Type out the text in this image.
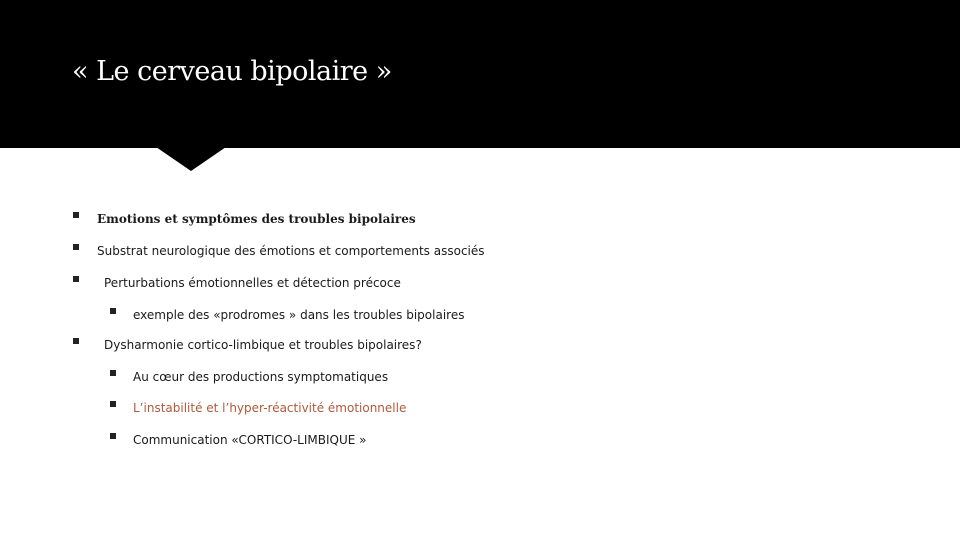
« Le cerveau bipolaire »
Emotions et symptômes des troubles bipolaires
Substrat neurologique des émotions et comportements associés
Perturbations émotionnelles et détection précoce
exemple des «prodromes » dans les troubles bipolaires
Dysharmonie cortico-limbique et troubles bipolaires?
Au cœur des productions symptomatiques
L’instabilité et l’hyper-réactivité émotionnelle
Communication «CORTICO-LIMBIQUE »
